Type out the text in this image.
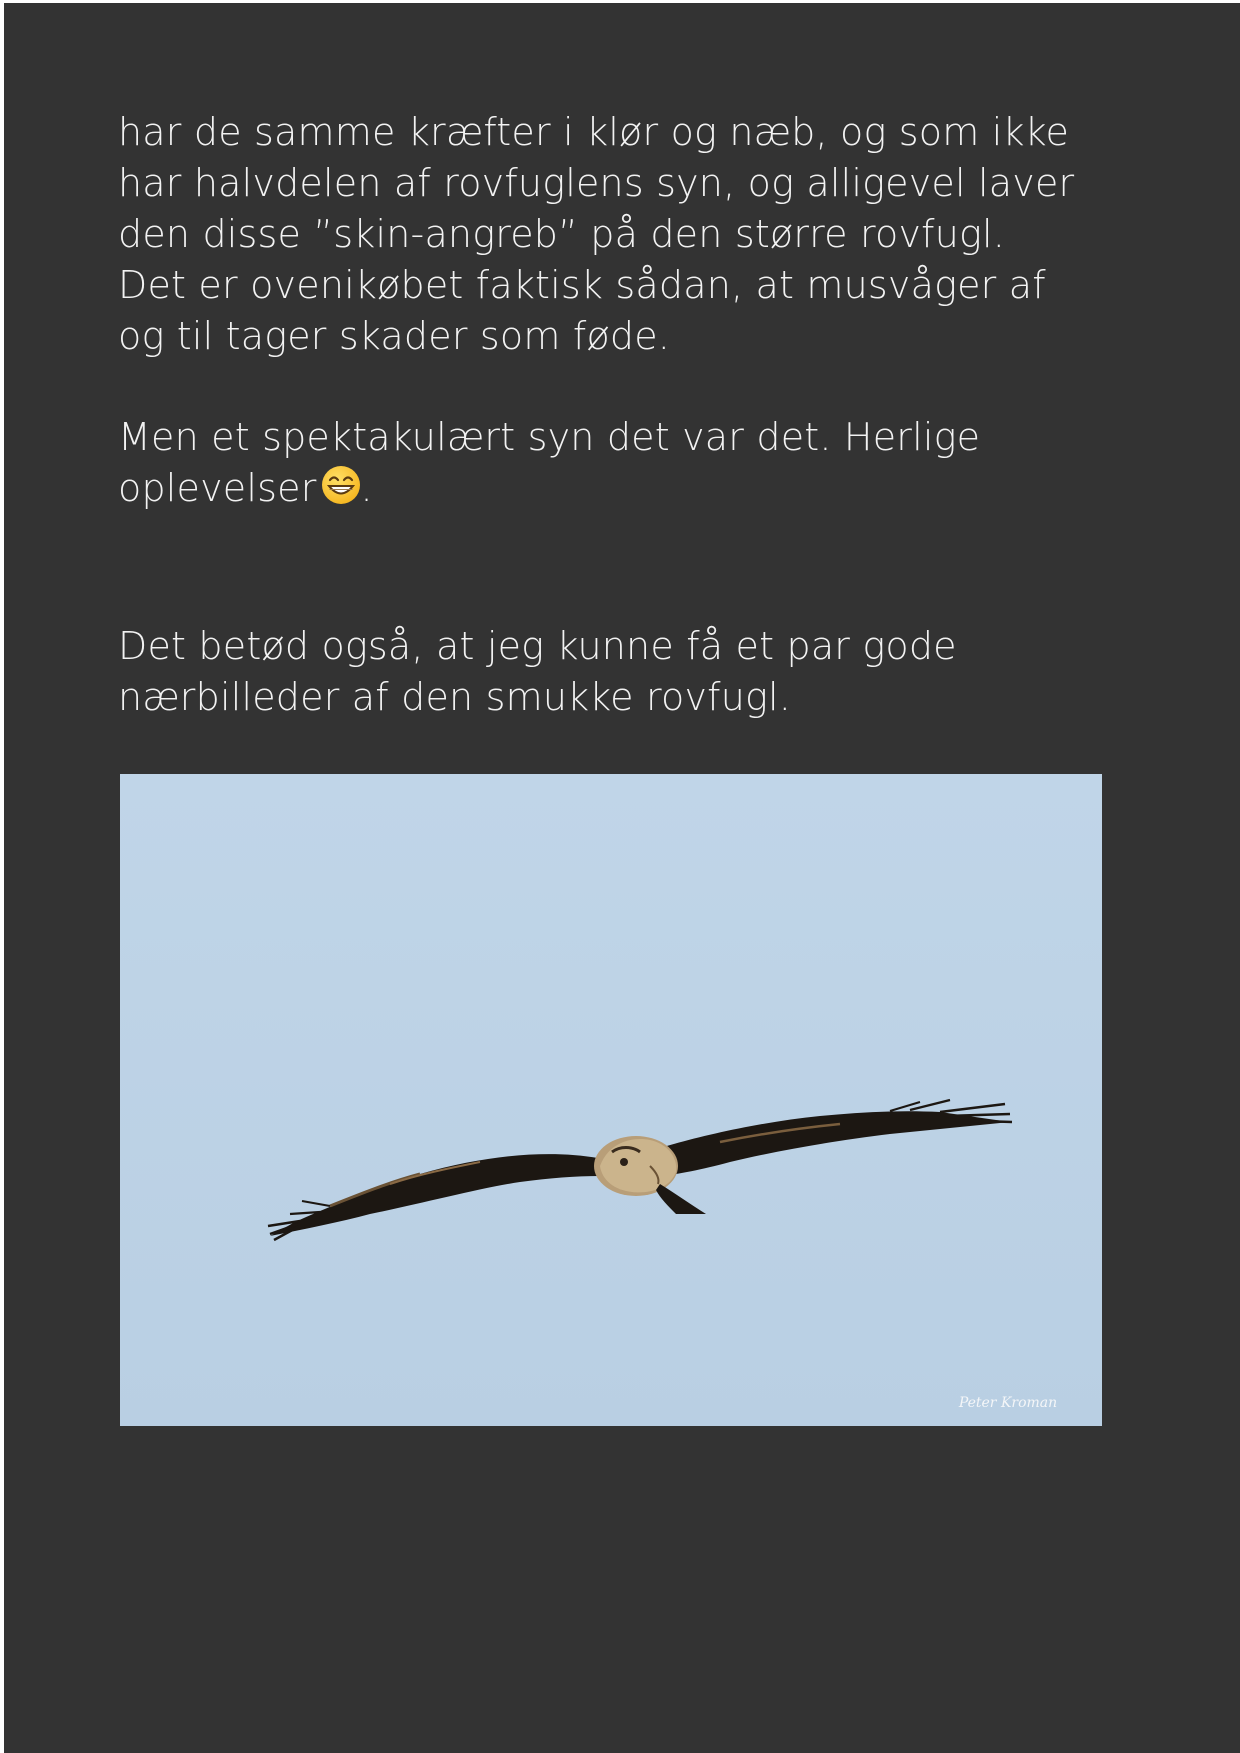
har de samme kræfter i klør og næb, og som ikke
har halvdelen af rovfuglens syn, og alligevel laver
den disse ”skin-angreb” på den større rovfugl.
Det er ovenikøbet faktisk sådan, at musvåger af
og til tager skader som føde.

Men et spektakulært syn det var det. Herlige
oplevelser .

Det betød også, at jeg kunne få et par gode
nærbilleder af den smukke rovfugl.

Peter Kroman
